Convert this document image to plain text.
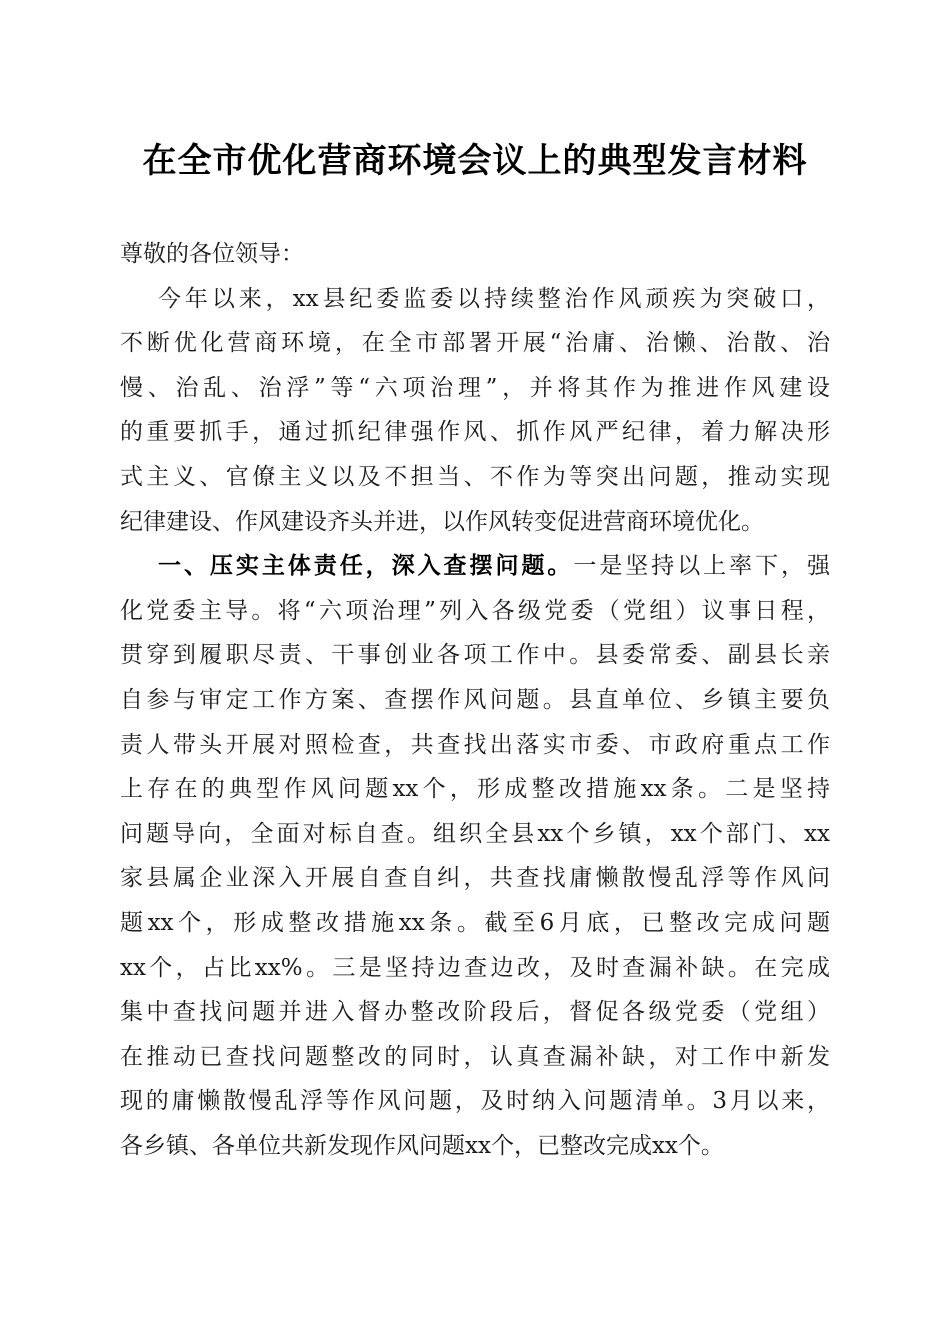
在全市优化营商环境会议上的典型发言材料
尊敬的各位领导：
今年以来，xx县纪委监委以持续整治作风顽疾为突破口，
不断优化营商环境，在全市部署开展“治庸、治懒、治散、治
慢、治乱、治浮”等“六项治理”，并将其作为推进作风建设
的重要抓手，通过抓纪律强作风、抓作风严纪律，着力解决形
式主义、官僚主义以及不担当、不作为等突出问题，推动实现
纪律建设、作风建设齐头并进，以作风转变促进营商环境优化。
一、压实主体责任，深入查摆问题。一是坚持以上率下，强
化党委主导。将“六项治理”列入各级党委（党组）议事日程，
贯穿到履职尽责、干事创业各项工作中。县委常委、副县长亲
自参与审定工作方案、查摆作风问题。县直单位、乡镇主要负
责人带头开展对照检查，共查找出落实市委、市政府重点工作
上存在的典型作风问题xx个，形成整改措施xx条。二是坚持
问题导向，全面对标自查。组织全县xx个乡镇，xx个部门、xx
家县属企业深入开展自查自纠，共查找庸懒散慢乱浮等作风问
题xx个，形成整改措施xx条。截至6月底，已整改完成问题
xx个，占比xx%。三是坚持边查边改，及时查漏补缺。在完成
集中查找问题并进入督办整改阶段后，督促各级党委（党组）
在推动已查找问题整改的同时，认真查漏补缺，对工作中新发
现的庸懒散慢乱浮等作风问题，及时纳入问题清单。3月以来，
各乡镇、各单位共新发现作风问题xx个，已整改完成xx个。
